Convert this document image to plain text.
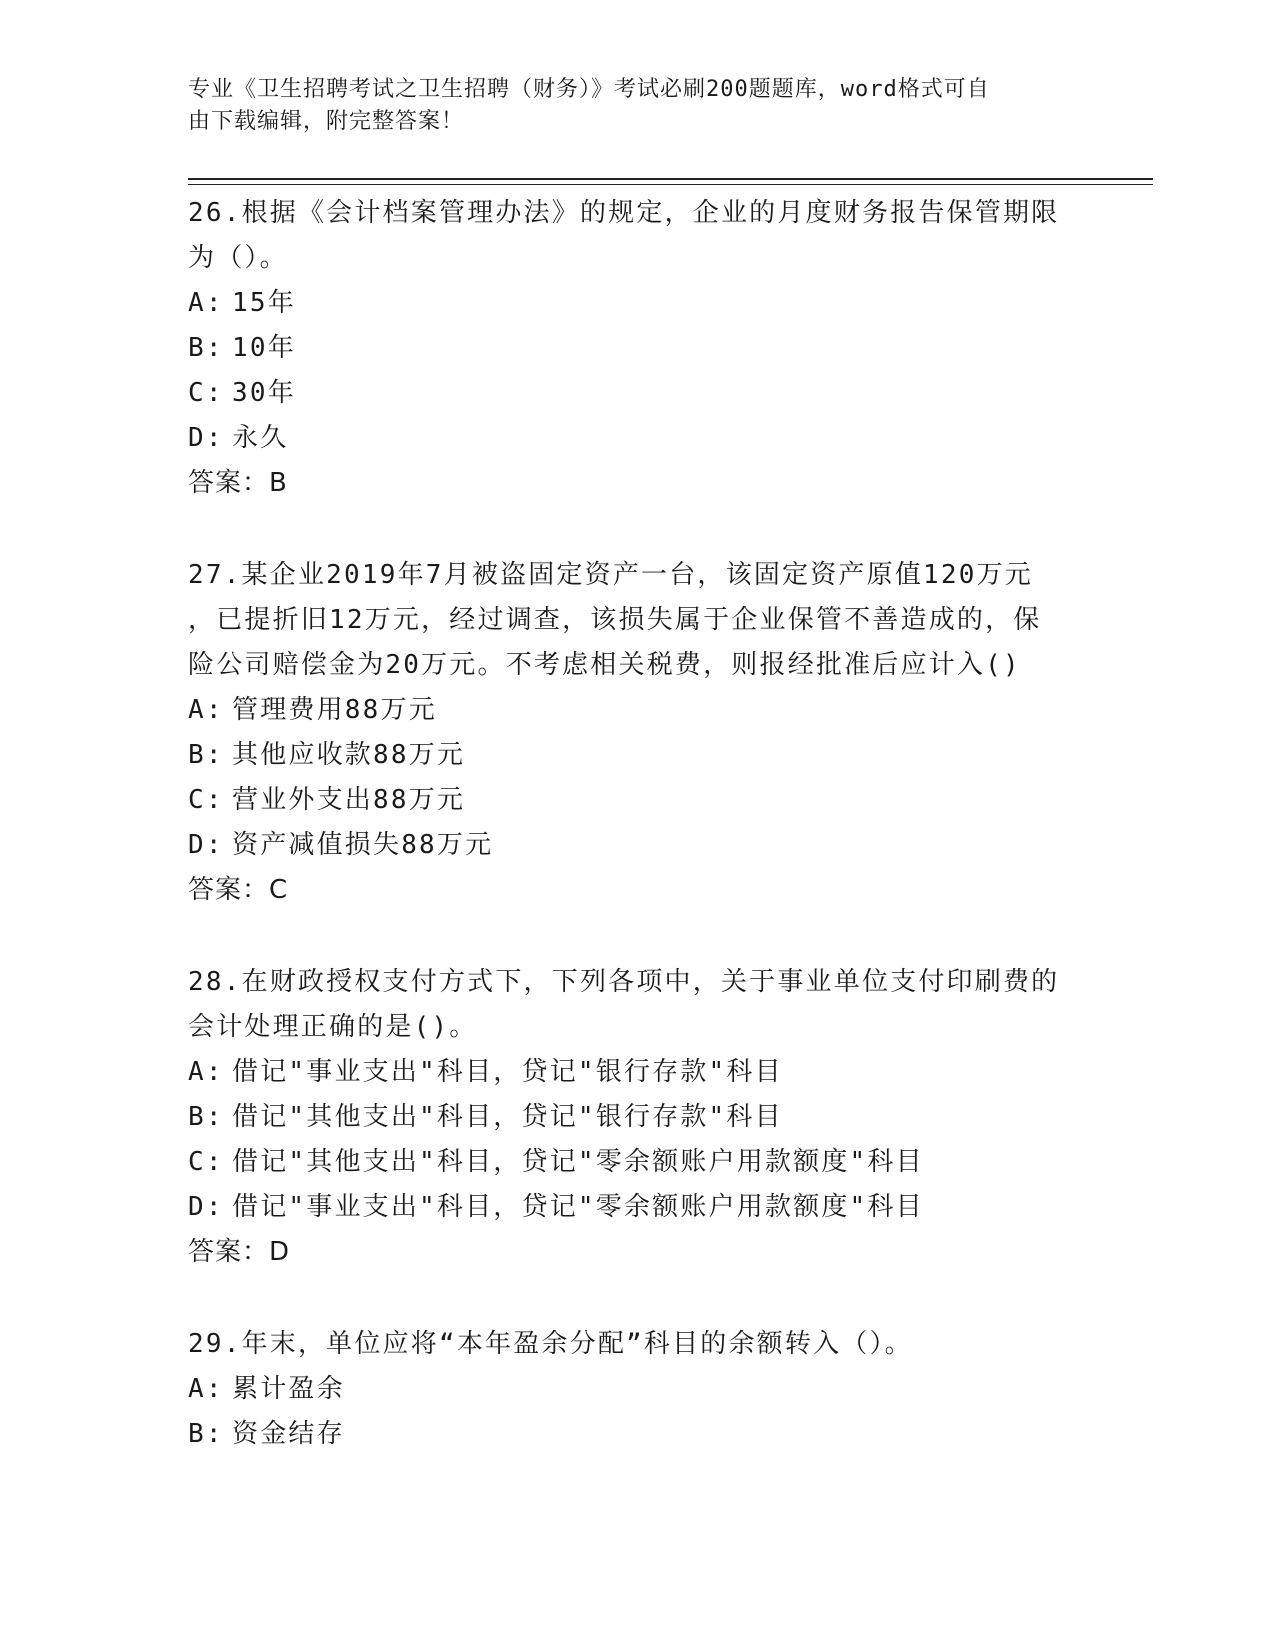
专业《卫生招聘考试之卫生招聘（财务）》考试必刷200题题库，word格式可自
由下载编辑，附完整答案！
26.根据《会计档案管理办法》的规定，企业的月度财务报告保管期限
为（）。
A: 15年
B: 10年
C: 30年
D: 永久
答案：B
27.某企业2019年7月被盗固定资产一台，该固定资产原值120万元
，已提折旧12万元，经过调查，该损失属于企业保管不善造成的，保
险公司赔偿金为20万元。不考虑相关税费，则报经批准后应计入()
A: 管理费用88万元
B: 其他应收款88万元
C: 营业外支出88万元
D: 资产减值损失88万元
答案：C
28.在财政授权支付方式下，下列各项中，关于事业单位支付印刷费的
会计处理正确的是()。
A: 借记"事业支出"科目，贷记"银行存款"科目
B: 借记"其他支出"科目，贷记"银行存款"科目
C: 借记"其他支出"科目，贷记"零余额账户用款额度"科目
D: 借记"事业支出"科目，贷记"零余额账户用款额度"科目
答案：D
29.年末，单位应将“本年盈余分配”科目的余额转入（）。
A: 累计盈余
B: 资金结存
